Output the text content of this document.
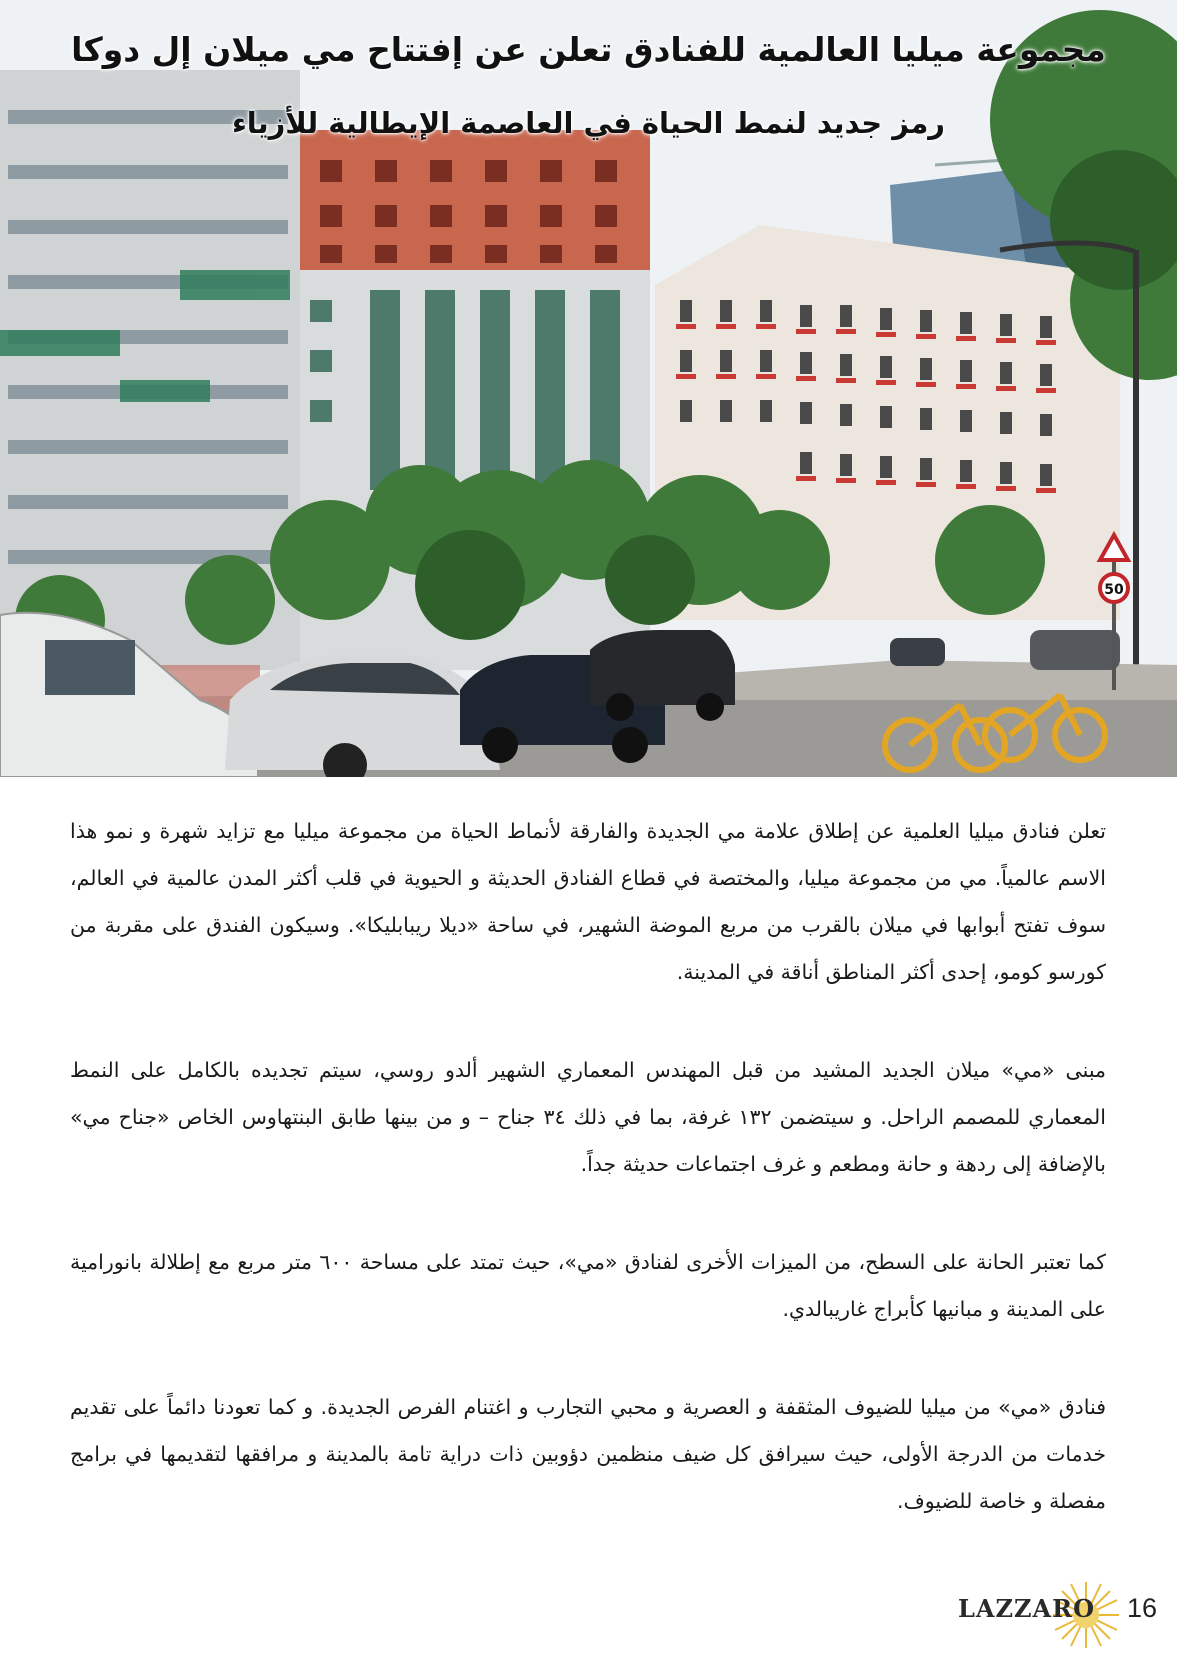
50
مجموعة ميليا العالمية للفنادق تعلن عن إفتتاح مي ميلان إل دوكا
رمز جديد لنمط الحياة في العاصمة الإيطالية للأزياء

تعلن فنادق ميليا العلمية عن إطلاق علامة مي الجديدة والفارقة لأنماط الحياة من مجموعة ميليا مع تزايد شهرة و نمو هذا الاسم عالمياً. مي من مجموعة ميليا، والمختصة في قطاع الفنادق الحديثة و الحيوية في قلب أكثر المدن عالمية في العالم، سوف تفتح أبوابها في ميلان بالقرب من مربع الموضة الشهير، في ساحة «ديلا ريبابليكا». وسيكون الفندق على مقربة من كورسو كومو، إحدى أكثر المناطق أناقة في المدينة.

مبنى «مي» ميلان الجديد المشيد من قبل المهندس المعماري الشهير ألدو روسي، سيتم تجديده بالكامل على النمط المعماري للمصمم الراحل. و سيتضمن ١٣٢ غرفة، بما في ذلك ٣٤ جناح – و من بينها طابق البنتهاوس الخاص «جناح مي» بالإضافة إلى ردهة و حانة ومطعم و غرف اجتماعات حديثة جداً.

كما تعتبر الحانة على السطح، من الميزات الأخرى لفنادق «مي»، حيث تمتد على مساحة ٦٠٠ متر مربع مع إطلالة بانورامية على المدينة و مبانيها كأبراج غاريبالدي.

فنادق «مي» من ميليا للضيوف المثقفة و العصرية و محبي التجارب و اغتنام الفرص الجديدة. و كما تعودنا دائماً على تقديم خدمات من الدرجة الأولى، حيث سيرافق كل ضيف منظمين دؤوبين ذات دراية تامة بالمدينة و مرافقها لتقديمها في برامج مفصلة و خاصة للضيوف.

LAZZARO	16
